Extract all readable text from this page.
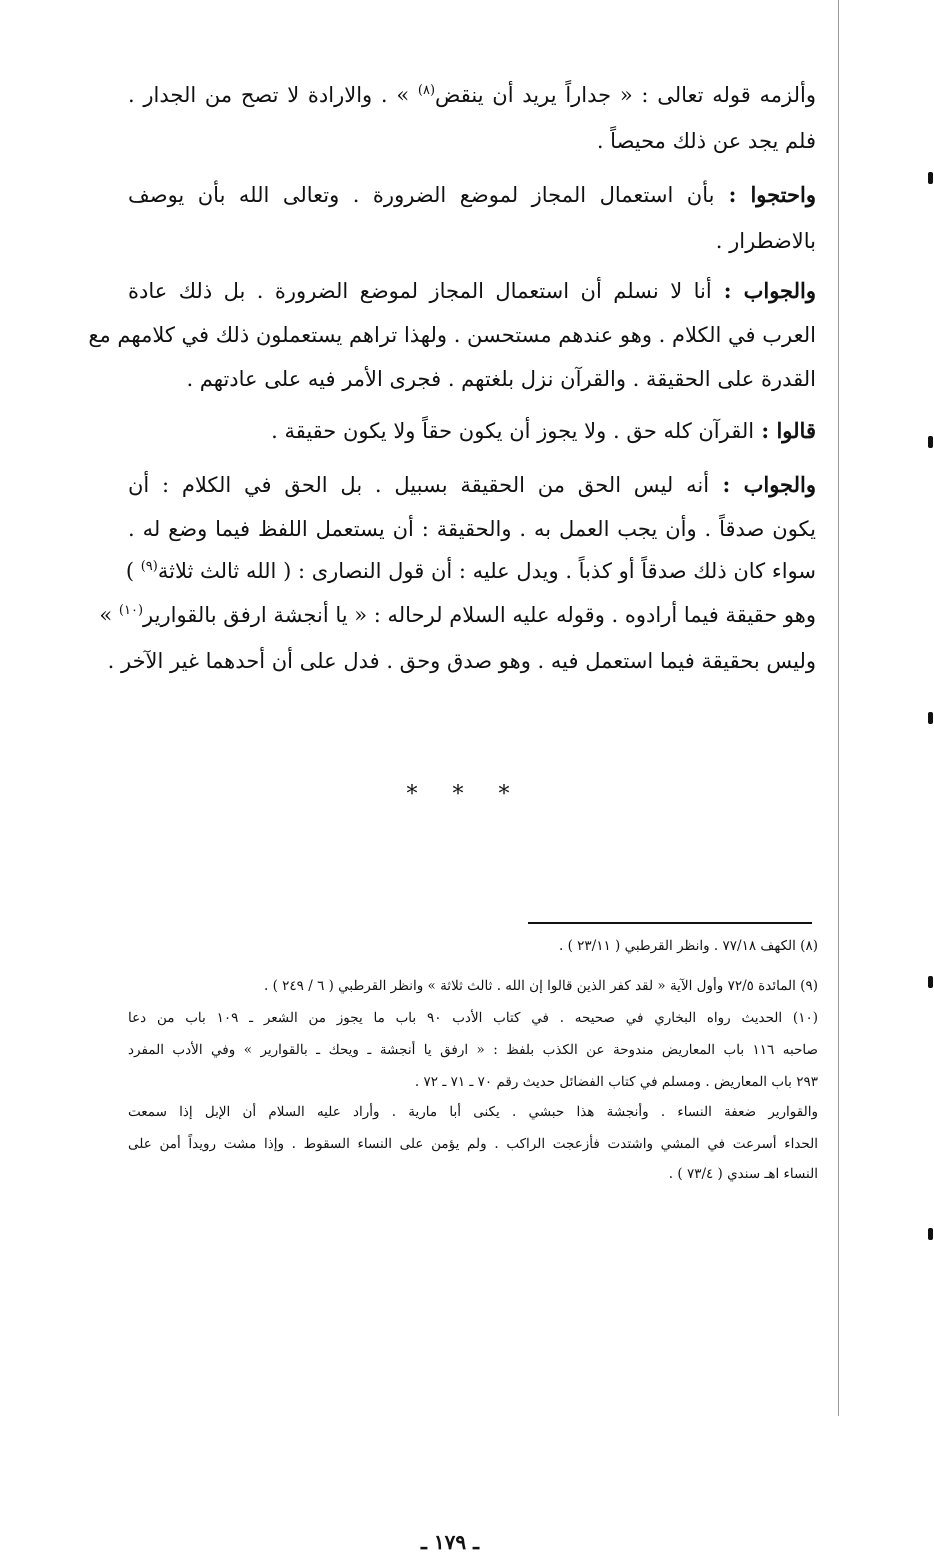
وألزمه قوله تعالى : « جداراً يريد أن ينقض$^{(٨)}$ » . والارادة لا تصح من الجدار .
فلم يجد عن ذلك محيصاً .
واحتجوا : بأن استعمال المجاز لموضع الضرورة . وتعالى الله بأن يوصف
بالاضطرار .
والجواب : أنا لا نسلم أن استعمال المجاز لموضع الضرورة . بل ذلك عادة
العرب في الكلام . وهو عندهم مستحسن . ولهذا تراهم يستعملون ذلك في كلامهم مع
القدرة على الحقيقة . والقرآن نزل بلغتهم . فجرى الأمر فيه على عادتهم .
قالوا : القرآن كله حق . ولا يجوز أن يكون حقاً ولا يكون حقيقة .
والجواب : أنه ليس الحق من الحقيقة بسبيل . بل الحق في الكلام : أن
يكون صدقاً . وأن يجب العمل به . والحقيقة : أن يستعمل اللفظ فيما وضع له .
سواء كان ذلك صدقاً أو كذباً . ويدل عليه : أن قول النصارى : ( الله ثالث ثلاثة$^{(٩)}$ )
وهو حقيقة فيما أرادوه . وقوله عليه السلام لرحاله : « يا أنجشة ارفق بالقوارير$^{(١٠)}$ »
وليس بحقيقة فيما استعمل فيه . وهو صدق وحق . فدل على أن أحدهما غير الآخر .
* * *
(٨) الكهف ٧٧/١٨ . وانظر القرطبي ( ٢٣/١١ ) .
(٩) المائدة ٧٢/٥ وأول الآية « لقد كفر الذين قالوا إن الله . ثالث ثلاثة » وانظر القرطبي ( ٦ / ٢٤٩ ) .
(١٠) الحديث رواه البخاري في صحيحه . في كتاب الأدب ٩٠ باب ما يجوز من الشعر ـ ١٠٩ باب من دعا
صاحبه ١١٦ باب المعاريض مندوحة عن الكذب بلفظ : « ارفق يا أنجشة ـ ويحك ـ بالقوارير » وفي الأدب المفرد
٢٩٣ باب المعاريض . ومسلم في كتاب الفضائل حديث رقم ٧٠ ـ ٧١ ـ ٧٢ .
والقوارير ضعفة النساء . وأنجشة هذا حبشي . يكنى أبا مارية . وأراد عليه السلام أن الإبل إذا سمعت
الحداء أسرعت في المشي واشتدت فأزعجت الراكب . ولم يؤمن على النساء السقوط . وإذا مشت رويداً أمن على
النساء اهـ سندي ( ٧٣/٤ ) .
ـ ١٧٩ ـ
